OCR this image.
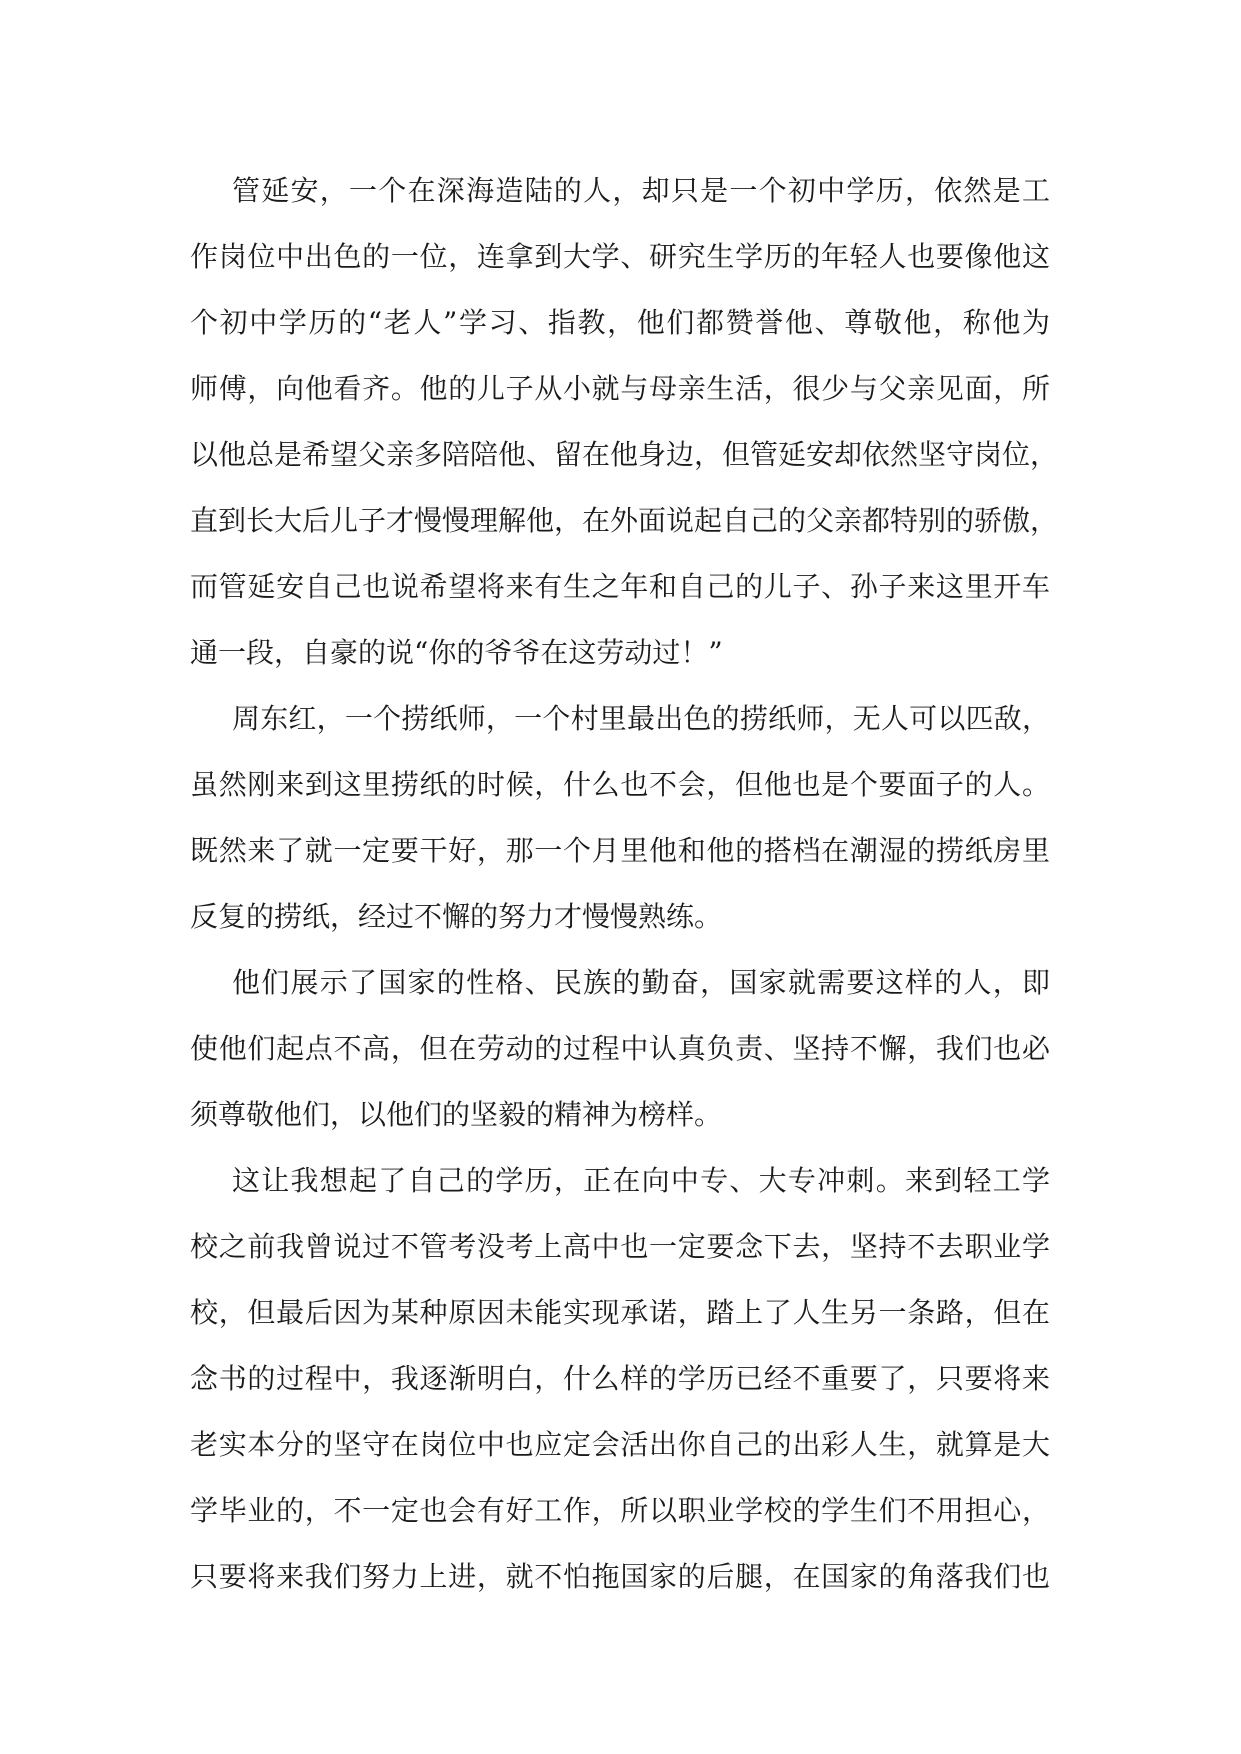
管延安，一个在深海造陆的人，却只是一个初中学历，依然是工
作岗位中出色的一位，连拿到大学、研究生学历的年轻人也要像他这
个初中学历的“老人”学习、指教，他们都赞誉他、尊敬他，称他为
师傅，向他看齐。他的儿子从小就与母亲生活，很少与父亲见面，所
以他总是希望父亲多陪陪他、留在他身边，但管延安却依然坚守岗位，
直到长大后儿子才慢慢理解他，在外面说起自己的父亲都特别的骄傲，
而管延安自己也说希望将来有生之年和自己的儿子、孙子来这里开车
通一段，自豪的说“你的爷爷在这劳动过！”
周东红，一个捞纸师，一个村里最出色的捞纸师，无人可以匹敌，
虽然刚来到这里捞纸的时候，什么也不会，但他也是个要面子的人。
既然来了就一定要干好，那一个月里他和他的搭档在潮湿的捞纸房里
反复的捞纸，经过不懈的努力才慢慢熟练。
他们展示了国家的性格、民族的勤奋，国家就需要这样的人，即
使他们起点不高，但在劳动的过程中认真负责、坚持不懈，我们也必
须尊敬他们，以他们的坚毅的精神为榜样。
这让我想起了自己的学历，正在向中专、大专冲刺。来到轻工学
校之前我曾说过不管考没考上高中也一定要念下去，坚持不去职业学
校，但最后因为某种原因未能实现承诺，踏上了人生另一条路，但在
念书的过程中，我逐渐明白，什么样的学历已经不重要了，只要将来
老实本分的坚守在岗位中也应定会活出你自己的出彩人生，就算是大
学毕业的，不一定也会有好工作，所以职业学校的学生们不用担心，
只要将来我们努力上进，就不怕拖国家的后腿，在国家的角落我们也
